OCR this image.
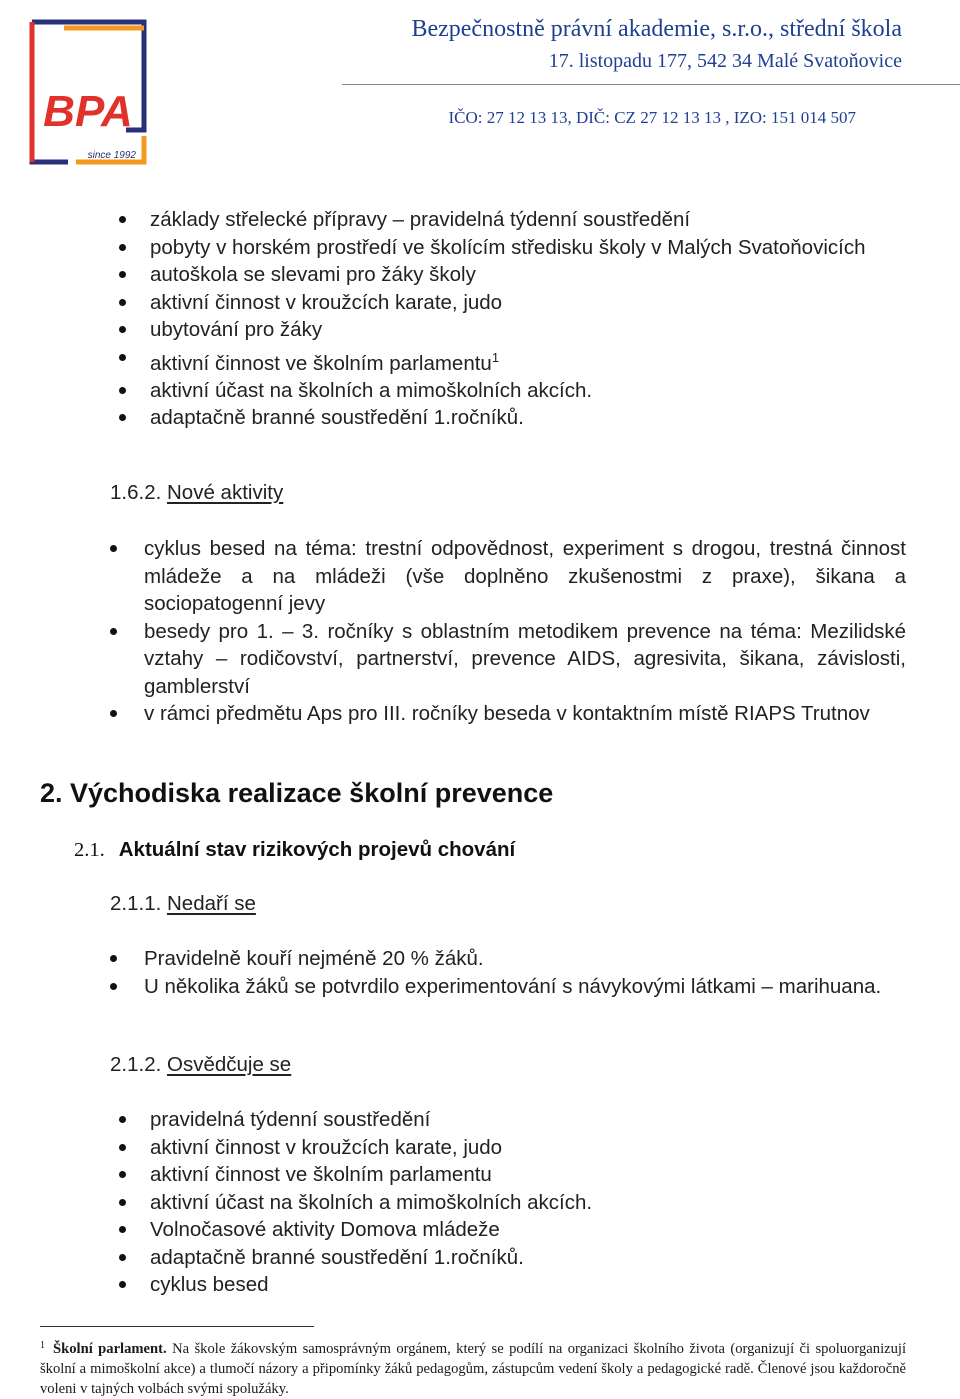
BPA
since 1992
Bezpečnostně právní akademie, s.r.o., střední škola
17. listopadu 177, 542 34 Malé Svatoňovice
IČO: 27 12 13 13, DIČ: CZ 27 12 13 13 , IZO: 151 014 507
základy střelecké přípravy – pravidelná týdenní soustředění
pobyty v horském prostředí ve školícím středisku školy v Malých Svatoňovicích
autoškola se slevami pro žáky školy
aktivní činnost v kroužcích karate, judo
ubytování pro žáky
aktivní činnost ve školním parlamentu$^1$
aktivní účast na školních a mimoškolních akcích.
adaptačně branné soustředění 1.ročníků.
1.6.2. Nové aktivity
cyklus besed na téma: trestní odpovědnost, experiment s drogou, trestná činnost mládeže a na mládeži (vše doplněno zkušenostmi z praxe), šikana a sociopatogenní jevy
besedy pro 1. – 3. ročníky s oblastním metodikem prevence na téma: Mezilidské vztahy – rodičovství, partnerství, prevence AIDS, agresivita, šikana, závislosti, gamblerství
v rámci předmětu Aps pro III. ročníky beseda v kontaktním místě RIAPS Trutnov
2. Východiska realizace školní prevence
2.1. Aktuální stav rizikových projevů chování
2.1.1. Nedaří se
Pravidelně kouří nejméně 20 % žáků.
U několika žáků se potvrdilo experimentování s návykovými látkami – marihuana.
2.1.2. Osvědčuje se
pravidelná týdenní soustředění
aktivní činnost v kroužcích karate, judo
aktivní činnost ve školním parlamentu
aktivní účast na školních a mimoškolních akcích.
Volnočasové aktivity Domova mládeže
adaptačně branné soustředění 1.ročníků.
cyklus besed
$^1$ Školní parlament. Na škole žákovským samosprávným orgánem, který se podílí na organizaci školního života (organizují či spoluorganizují školní a mimoškolní akce) a tlumočí názory a připomínky žáků pedagogům, zástupcům vedení školy a pedagogické radě. Členové jsou každoročně voleni v tajných volbách svými spolužáky.
